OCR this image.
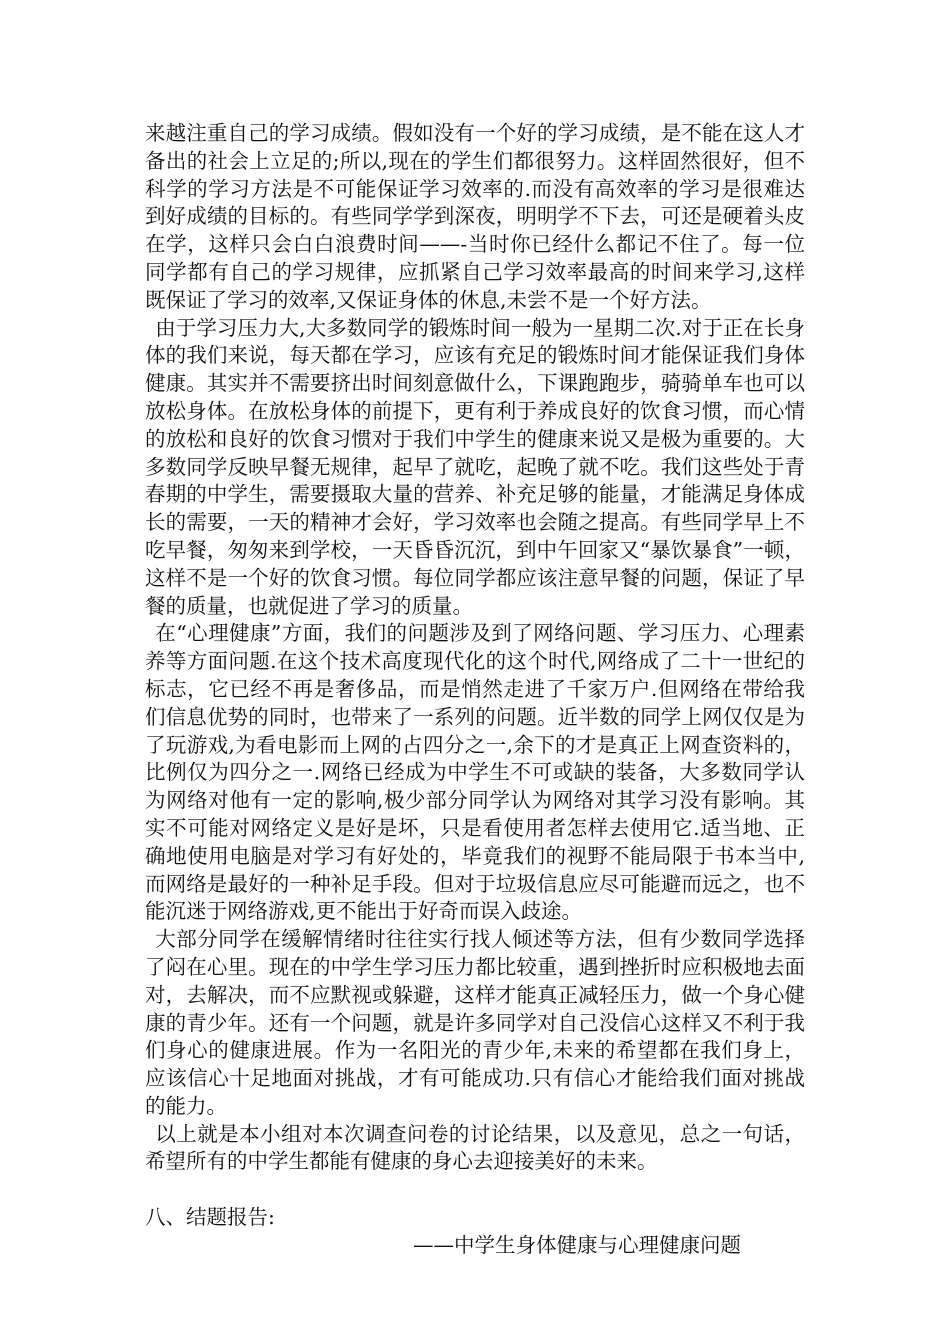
来越注重自己的学习成绩。假如没有一个好的学习成绩，是不能在这人才备出的社会上立足的;所以,现在的学生们都很努力。这样固然很好，但不科学的学习方法是不可能保证学习效率的.而没有高效率的学习是很难达到好成绩的目标的。有些同学学到深夜，明明学不下去，可还是硬着头皮在学，这样只会白白浪费时间——-当时你已经什么都记不住了。每一位同学都有自己的学习规律，应抓紧自己学习效率最高的时间来学习,这样既保证了学习的效率,又保证身体的休息,未尝不是一个好方法。

由于学习压力大,大多数同学的锻炼时间一般为一星期二次.对于正在长身体的我们来说，每天都在学习，应该有充足的锻炼时间才能保证我们身体健康。其实并不需要挤出时间刻意做什么，下课跑跑步，骑骑单车也可以放松身体。在放松身体的前提下，更有利于养成良好的饮食习惯，而心情的放松和良好的饮食习惯对于我们中学生的健康来说又是极为重要的。大多数同学反映早餐无规律，起早了就吃，起晚了就不吃。我们这些处于青春期的中学生，需要摄取大量的营养、补充足够的能量，才能满足身体成长的需要，一天的精神才会好，学习效率也会随之提高。有些同学早上不吃早餐，匆匆来到学校，一天昏昏沉沉，到中午回家又“暴饮暴食”一顿，这样不是一个好的饮食习惯。每位同学都应该注意早餐的问题，保证了早餐的质量，也就促进了学习的质量。

在“心理健康”方面，我们的问题涉及到了网络问题、学习压力、心理素养等方面问题.在这个技术高度现代化的这个时代,网络成了二十一世纪的标志，它已经不再是奢侈品，而是悄然走进了千家万户.但网络在带给我们信息优势的同时，也带来了一系列的问题。近半数的同学上网仅仅是为了玩游戏,为看电影而上网的占四分之一,余下的才是真正上网查资料的，比例仅为四分之一.网络已经成为中学生不可或缺的装备，大多数同学认为网络对他有一定的影响,极少部分同学认为网络对其学习没有影响。其实不可能对网络定义是好是坏，只是看使用者怎样去使用它.适当地、正确地使用电脑是对学习有好处的，毕竟我们的视野不能局限于书本当中,而网络是最好的一种补足手段。但对于垃圾信息应尽可能避而远之，也不能沉迷于网络游戏,更不能出于好奇而误入歧途。

大部分同学在缓解情绪时往往实行找人倾述等方法，但有少数同学选择了闷在心里。现在的中学生学习压力都比较重，遇到挫折时应积极地去面对，去解决，而不应默视或躲避，这样才能真正减轻压力，做一个身心健康的青少年。还有一个问题，就是许多同学对自己没信心这样又不利于我们身心的健康进展。作为一名阳光的青少年,未来的希望都在我们身上，应该信心十足地面对挑战，才有可能成功.只有信心才能给我们面对挑战的能力。

以上就是本小组对本次调查问卷的讨论结果，以及意见，总之一句话，希望所有的中学生都能有健康的身心去迎接美好的未来。

八、结题报告:

——中学生身体健康与心理健康问题
